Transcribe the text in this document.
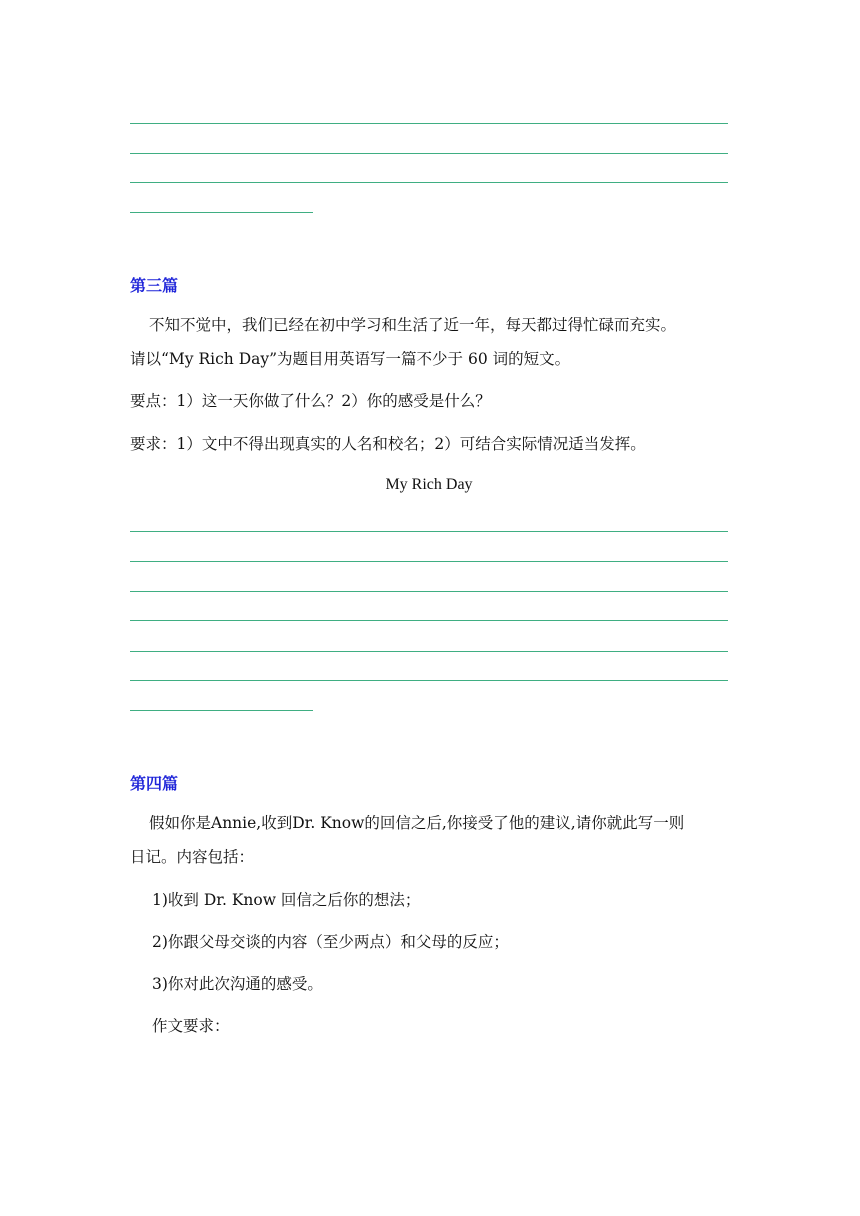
第三篇
不知不觉中，我们已经在初中学习和生活了近一年，每天都过得忙碌而充实。
请以“My Rich Day”为题目用英语写一篇不少于 60 词的短文。
要点：1）这一天你做了什么？2）你的感受是什么？
要求：1）文中不得出现真实的人名和校名；2）可结合实际情况适当发挥。
My Rich Day
第四篇
假如你是Annie,收到Dr. Know的回信之后,你接受了他的建议,请你就此写一则
日记。内容包括：
1)收到 Dr. Know 回信之后你的想法；
2)你跟父母交谈的内容（至少两点）和父母的反应；
3)你对此次沟通的感受。
作文要求：
